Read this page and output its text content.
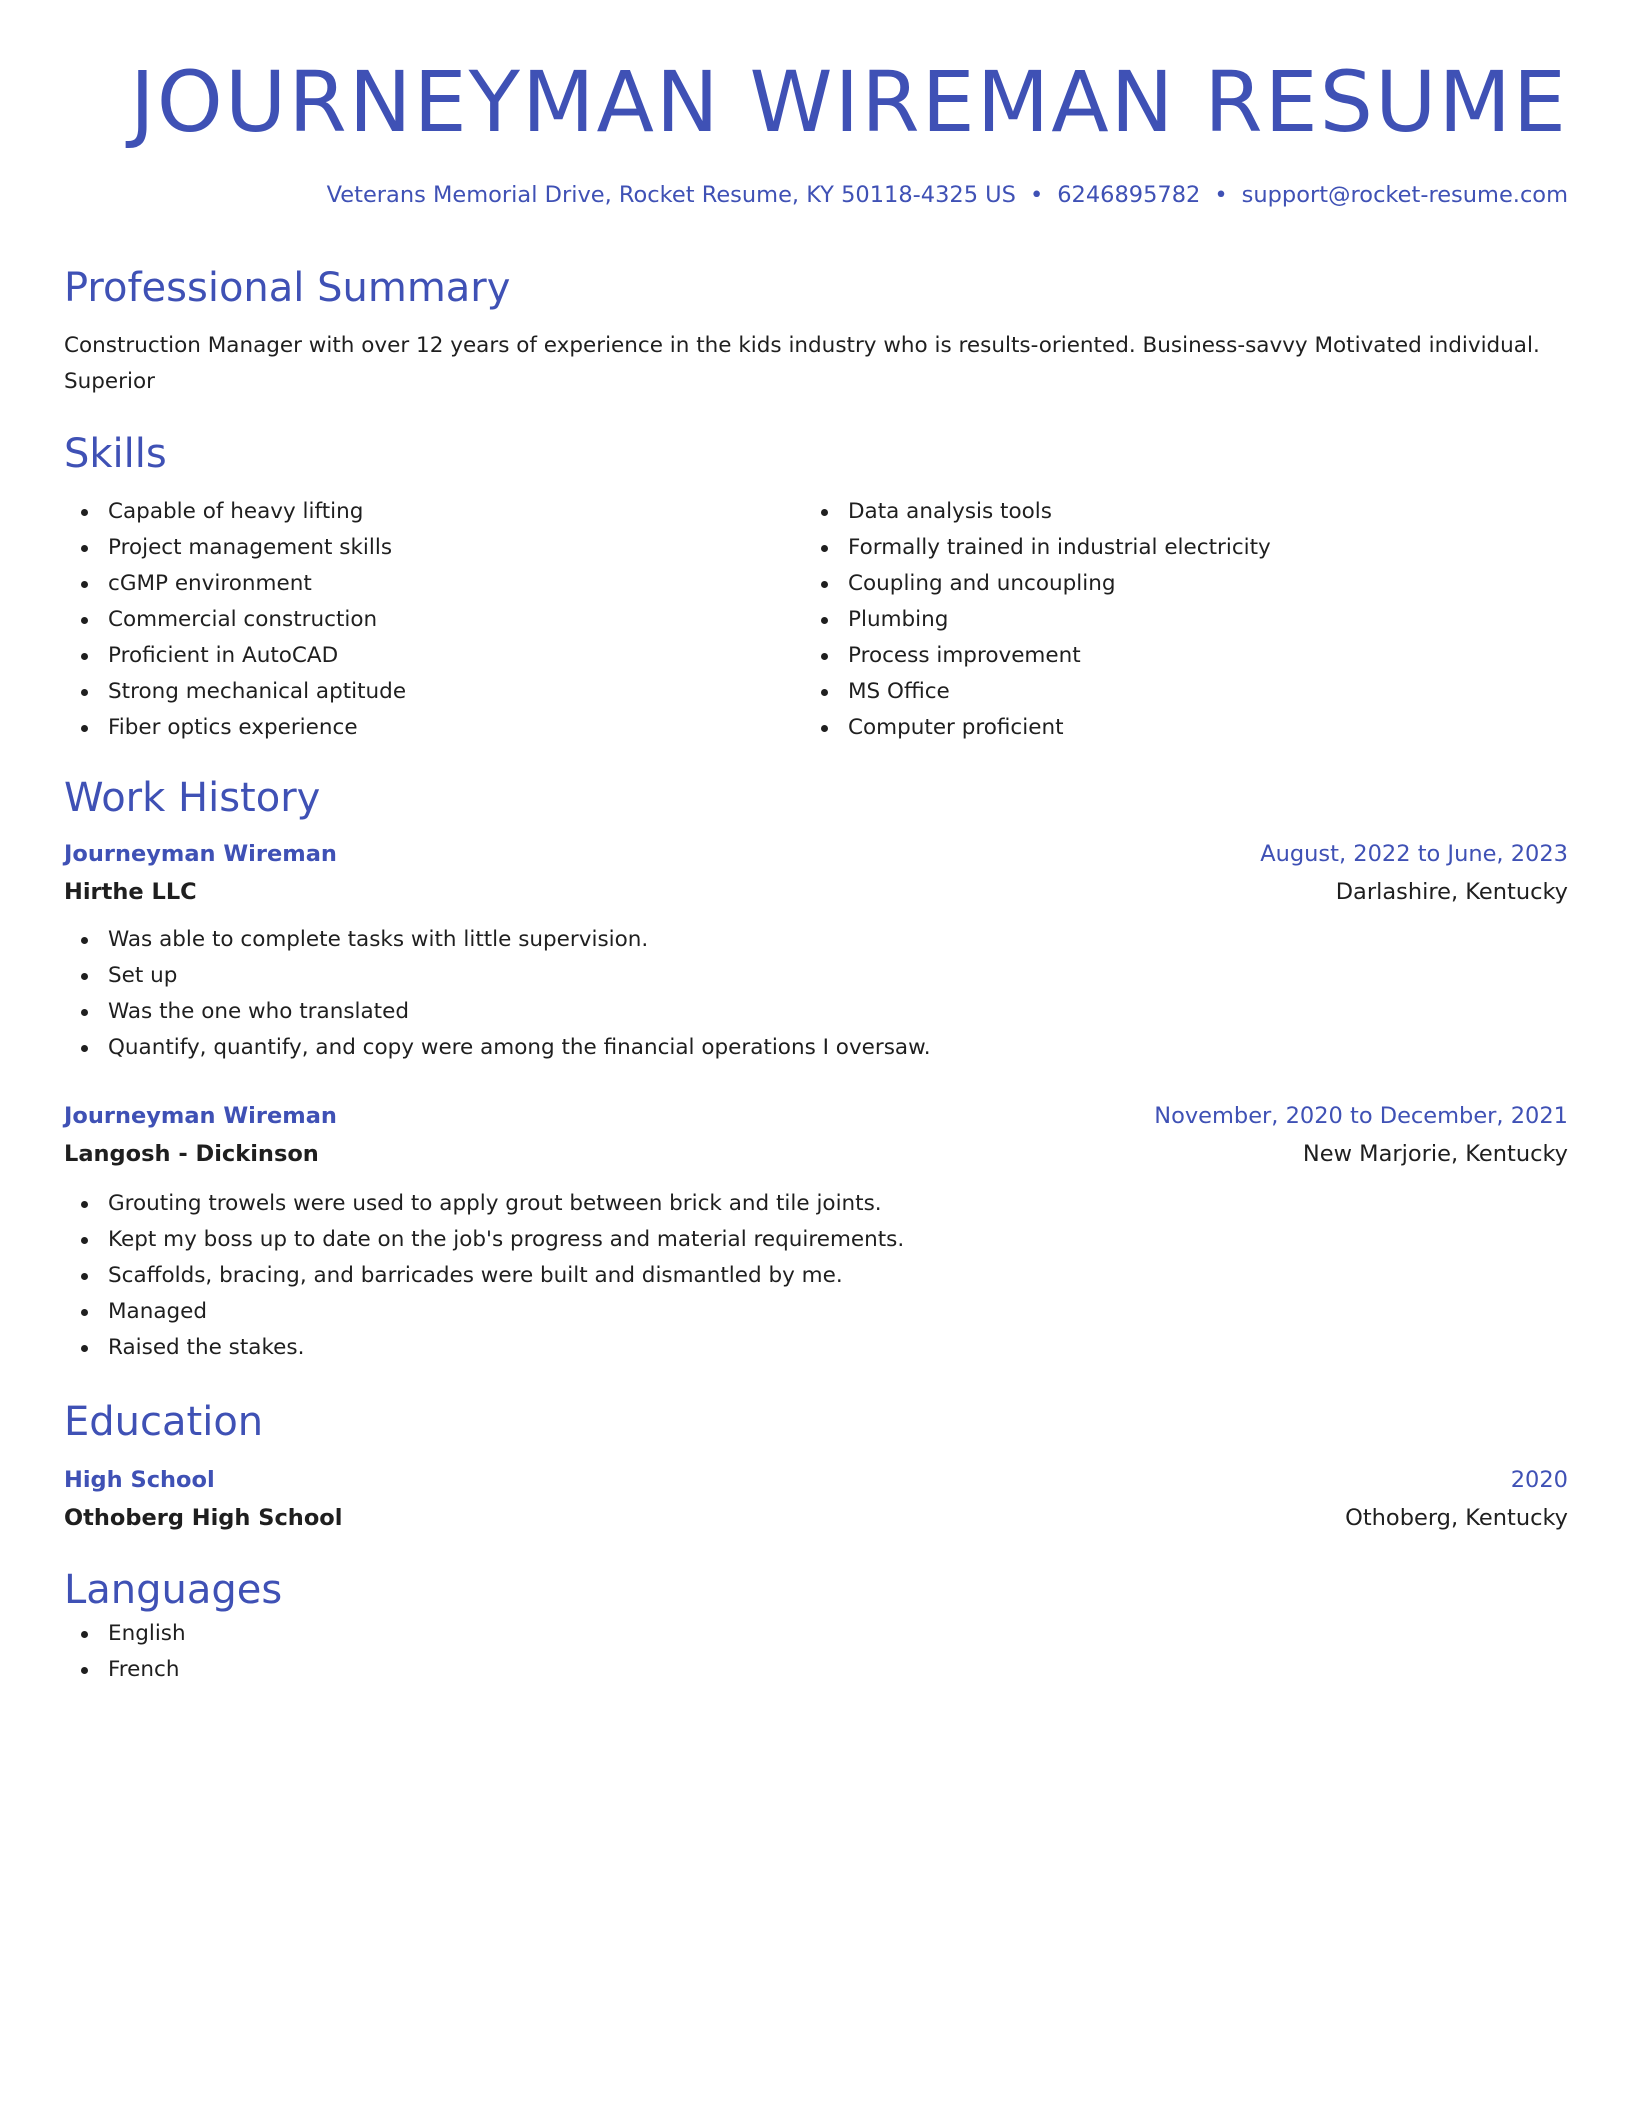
JOURNEYMAN WIREMAN RESUME
Veterans Memorial Drive, Rocket Resume, KY 50118-4325 US • 6246895782 • support@rocket-resume.com
Professional Summary
Construction Manager with over 12 years of experience in the kids industry who is results-oriented. Business-savvy Motivated individual. Superior
Skills
Capable of heavy lifting
Project management skills
cGMP environment
Commercial construction
Proficient in AutoCAD
Strong mechanical aptitude
Fiber optics experience
Data analysis tools
Formally trained in industrial electricity
Coupling and uncoupling
Plumbing
Process improvement
MS Office
Computer proficient
Work History
Journeyman Wireman	August, 2022 to June, 2023
Hirthe LLC	Darlashire, Kentucky
Was able to complete tasks with little supervision.
Set up
Was the one who translated
Quantify, quantify, and copy were among the financial operations I oversaw.
Journeyman Wireman	November, 2020 to December, 2021
Langosh - Dickinson	New Marjorie, Kentucky
Grouting trowels were used to apply grout between brick and tile joints.
Kept my boss up to date on the job's progress and material requirements.
Scaffolds, bracing, and barricades were built and dismantled by me.
Managed
Raised the stakes.
Education
High School	2020
Othoberg High School	Othoberg, Kentucky
Languages
English
French
